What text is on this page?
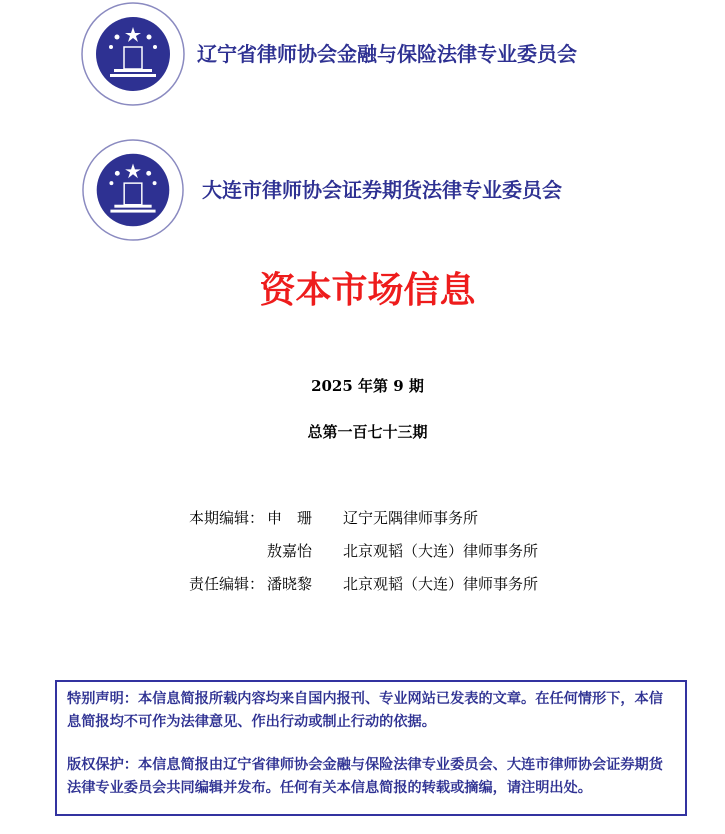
辽宁省律师协会金融与保险法律专业委员会
大连市律师协会证券期货法律专业委员会
资本市场信息
2025 年第 9 期
总第一百七十三期
本期编辑： 申　珊 辽宁无隅律师事务所
敖嘉怡 北京观韬（大连）律师事务所
责任编辑： 潘晓黎 北京观韬（大连）律师事务所

特别声明：本信息简报所载内容均来自国内报刊、专业网站已发表的文章。在任何情形下，本信息简报均不可作为法律意见、作出行动或制止行动的依据。

版权保护：本信息简报由辽宁省律师协会金融与保险法律专业委员会、大连市律师协会证券期货法律专业委员会共同编辑并发布。任何有关本信息简报的转载或摘编，请注明出处。
